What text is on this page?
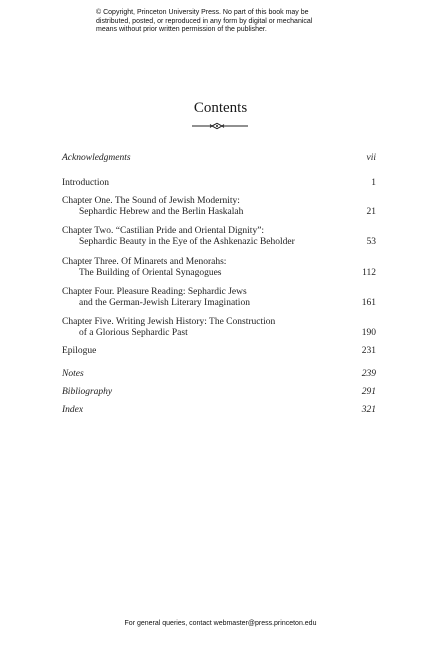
© Copyright, Princeton University Press. No part of this book may be
distributed, posted, or reproduced in any form by digital or mechanical
means without prior written permission of the publisher.
Contents
Acknowledgments	vii
Introduction	1
Chapter One. The Sound of Jewish Modernity:
Sephardic Hebrew and the Berlin Haskalah	21
Chapter Two. “Castilian Pride and Oriental Dignity”:
Sephardic Beauty in the Eye of the Ashkenazic Beholder	53
Chapter Three. Of Minarets and Menorahs:
The Building of Oriental Synagogues	112
Chapter Four. Pleasure Reading: Sephardic Jews
and the German-Jewish Literary Imagination	161
Chapter Five. Writing Jewish History: The Construction
of a Glorious Sephardic Past	190
Epilogue	231
Notes	239
Bibliography	291
Index	321
For general queries, contact webmaster@press.princeton.edu
